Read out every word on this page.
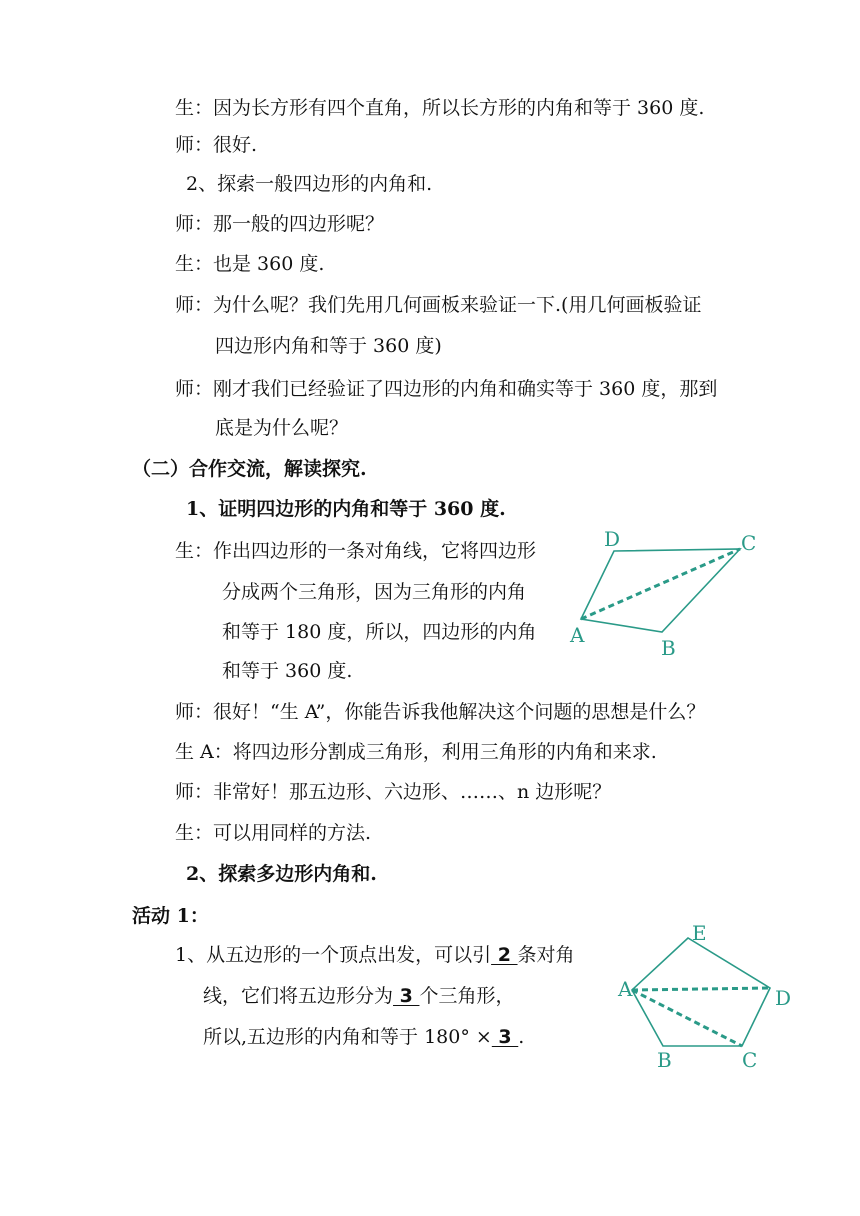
生：因为长方形有四个直角，所以长方形的内角和等于 360 度.
师：很好.
2、探索一般四边形的内角和.
师：那一般的四边形呢？
生：也是 360 度.
师：为什么呢？我们先用几何画板来验证一下.(用几何画板验证
四边形内角和等于 360 度)
师：刚才我们已经验证了四边形的内角和确实等于 360 度，那到
底是为什么呢？
（二）合作交流，解读探究.
1、证明四边形的内角和等于 360 度.
生：作出四边形的一条对角线，它将四边形
分成两个三角形，因为三角形的内角
和等于 180 度，所以，四边形的内角
和等于 360 度.
师：很好！“生 A”，你能告诉我他解决这个问题的思想是什么？
生 A：将四边形分割成三角形，利用三角形的内角和来求.
师：非常好！那五边形、六边形、……、n 边形呢？
生：可以用同样的方法.
2、探索多边形内角和.
活动 1：
1、从五边形的一个顶点出发，可以引 2 条对角
线，它们将五边形分为 3 个三角形，
所以,五边形的内角和等于 180° × 3 .
D	C
A
B
E
A	D
B	C
